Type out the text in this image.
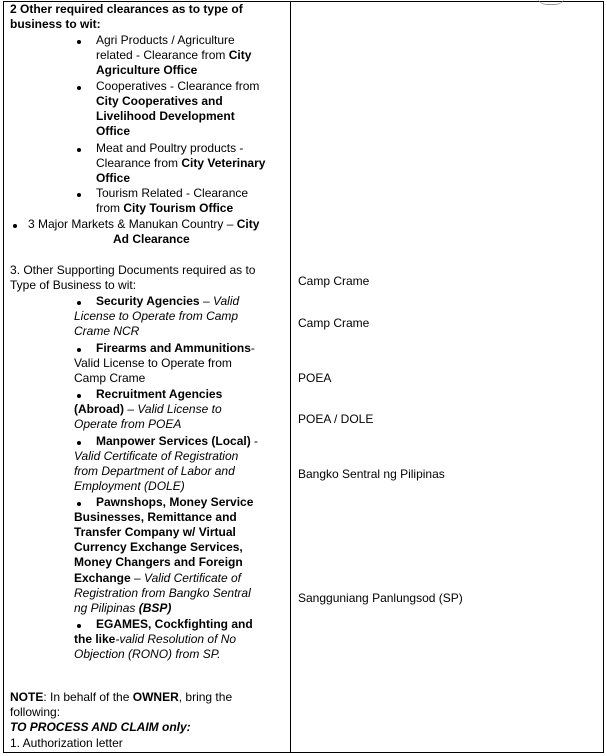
2 Other required clearances as to type of
business to wit:
Agri Products / Agriculture
related - Clearance from City
Agriculture Office
Cooperatives - Clearance from
City Cooperatives and
Livelihood Development
Office
Meat and Poultry products -
Clearance from City Veterinary
Office
Tourism Related - Clearance
from City Tourism Office
3 Major Markets & Manukan Country – City
Ad Clearance
3. Other Supporting Documents required as to
Type of Business to wit:
Security Agencies – Valid
License to Operate from Camp
Crame NCR
Firearms and Ammunitions-
Valid License to Operate from
Camp Crame
Recruitment Agencies
(Abroad) – Valid License to
Operate from POEA
Manpower Services (Local) -
Valid Certificate of Registration
from Department of Labor and
Employment (DOLE)
Pawnshops, Money Service
Businesses, Remittance and
Transfer Company w/ Virtual
Currency Exchange Services,
Money Changers and Foreign
Exchange – Valid Certificate of
Registration from Bangko Sentral
ng Pilipinas (BSP)
EGAMES, Cockfighting and
the like-valid Resolution of No
Objection (RONO) from SP.
Camp Crame
Camp Crame
POEA
POEA / DOLE
Bangko Sentral ng Pilipinas
Sangguniang Panlungsod (SP)
NOTE: In behalf of the OWNER, bring the
following:
TO PROCESS AND CLAIM only:
1. Authorization letter
